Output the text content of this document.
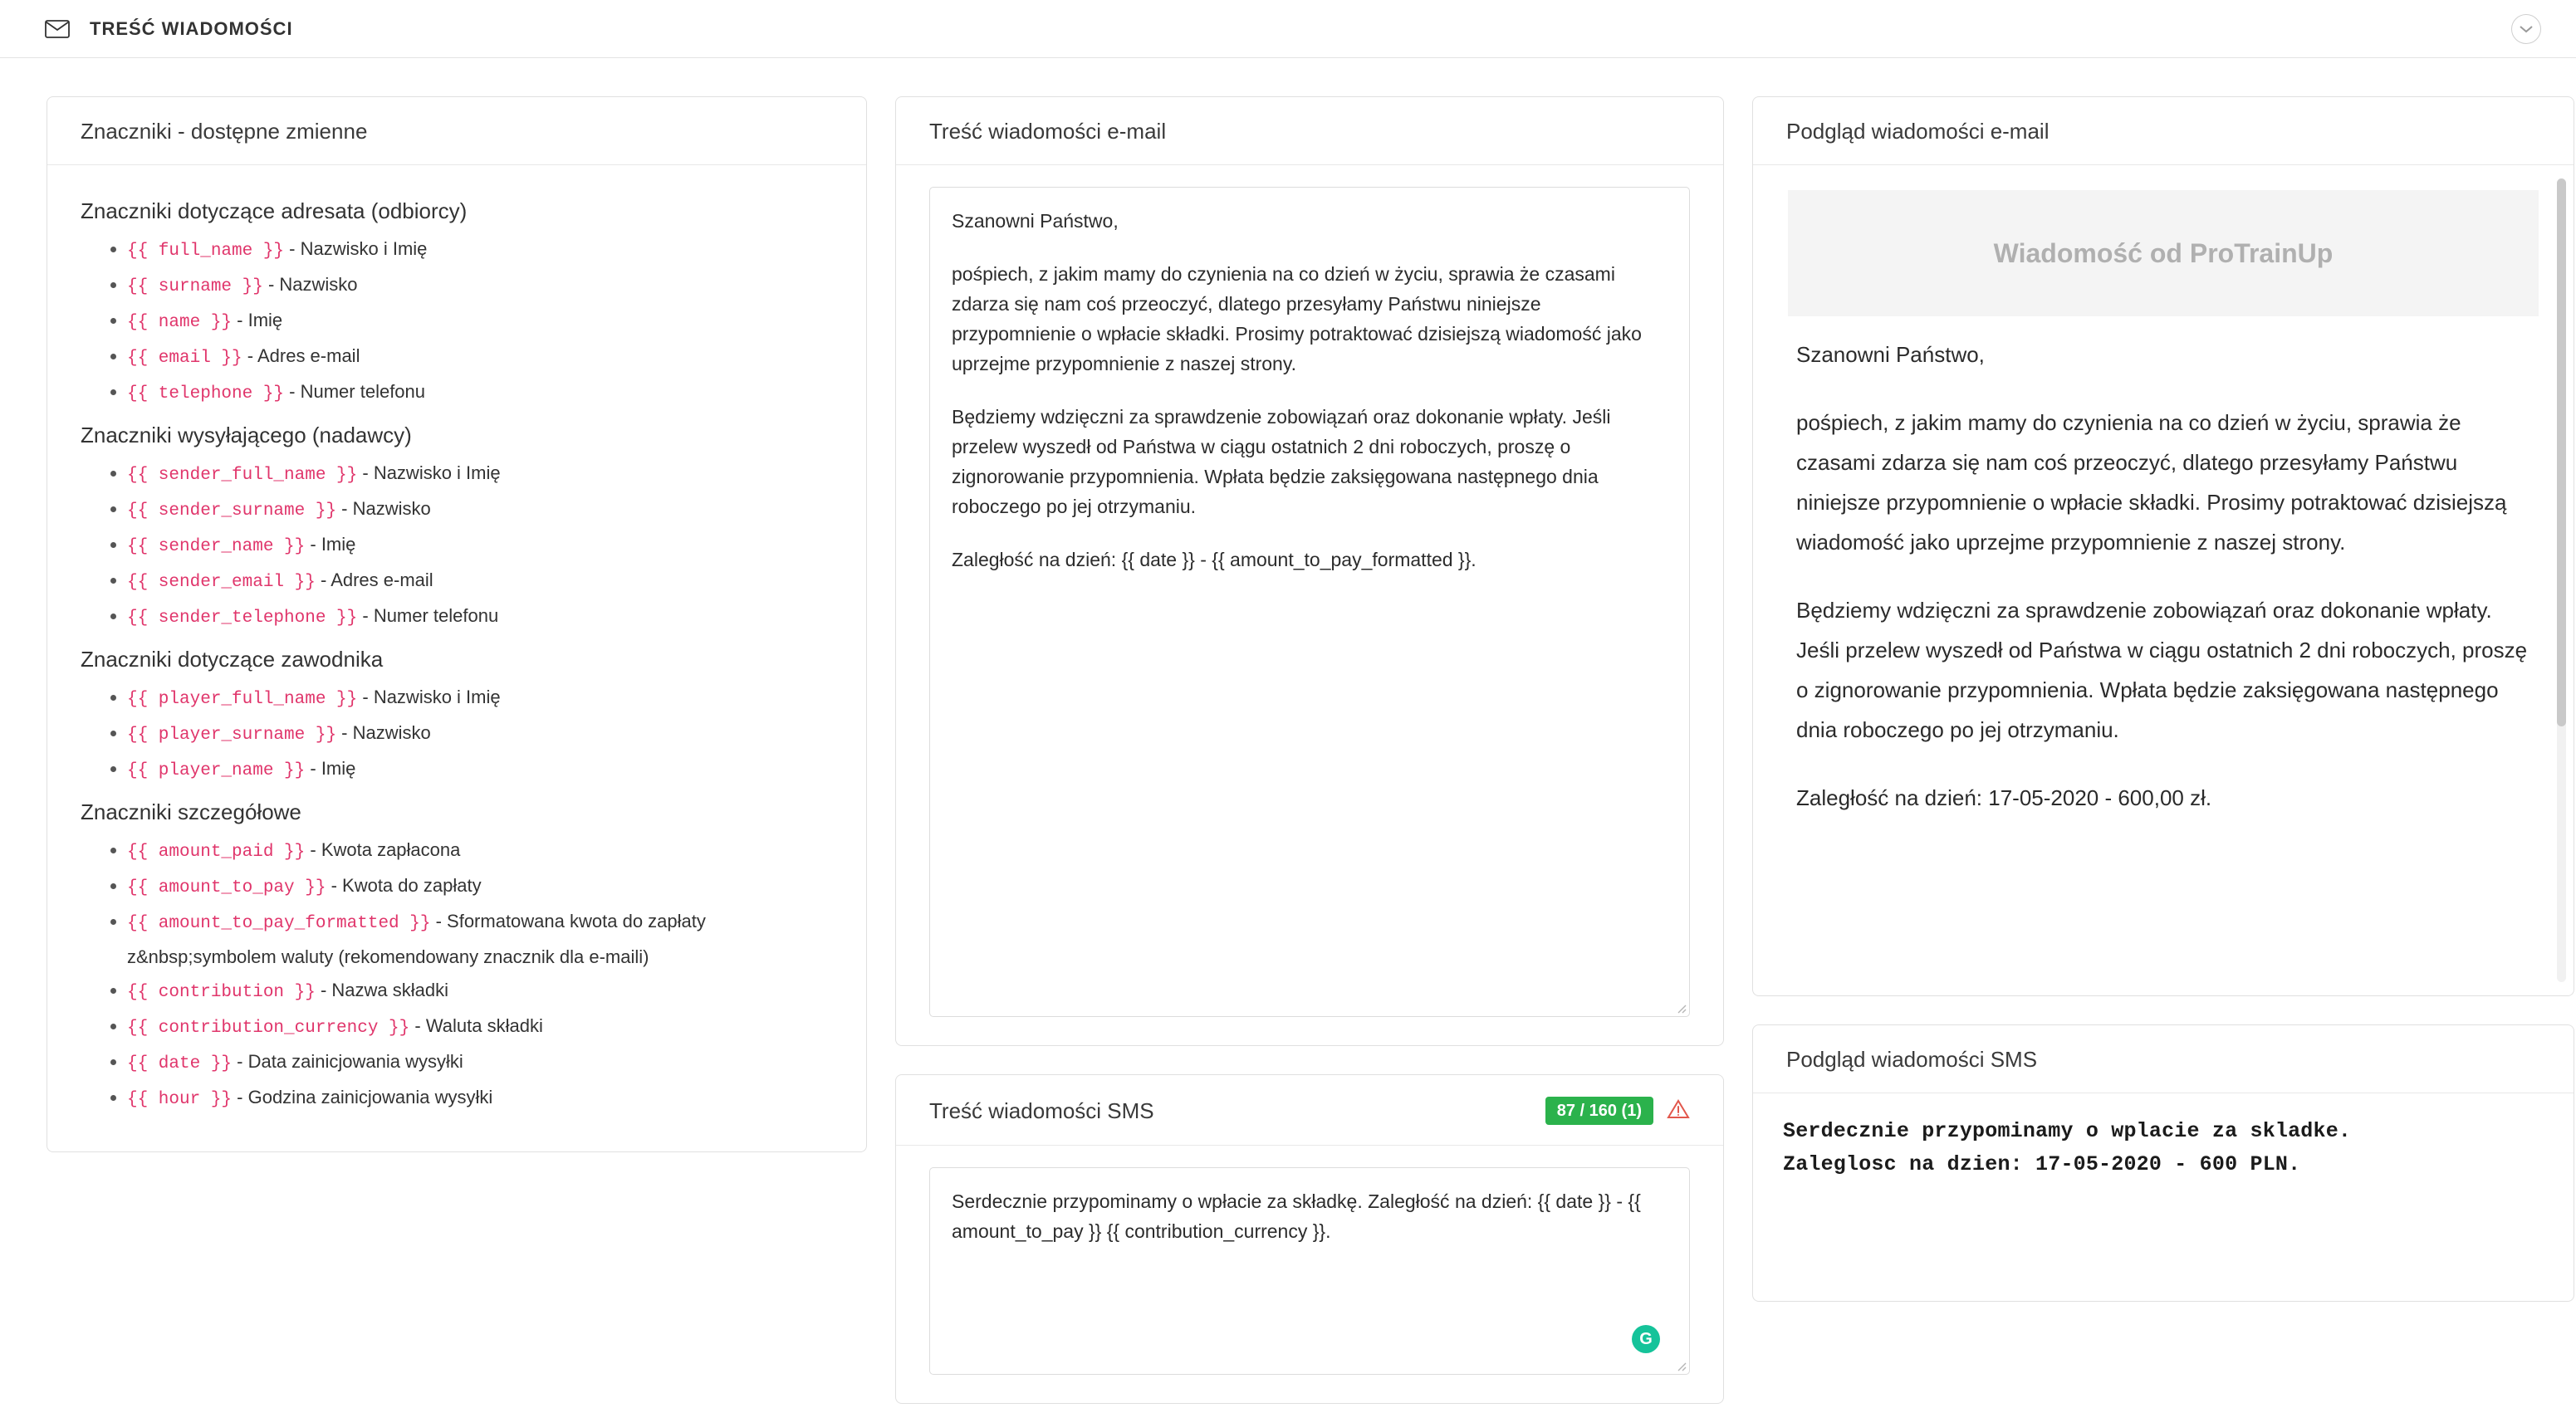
TREŚĆ WIADOMOŚCI
Znaczniki - dostępne zmienne
Znaczniki dotyczące adresata (odbiorcy)
• {{ full_name }} - Nazwisko i Imię
• {{ surname }} - Nazwisko
• {{ name }} - Imię
• {{ email }} - Adres e-mail
• {{ telephone }} - Numer telefonu
Znaczniki wysyłającego (nadawcy)
• {{ sender_full_name }} - Nazwisko i Imię
• {{ sender_surname }} - Nazwisko
• {{ sender_name }} - Imię
• {{ sender_email }} - Adres e-mail
• {{ sender_telephone }} - Numer telefonu
Znaczniki dotyczące zawodnika
• {{ player_full_name }} - Nazwisko i Imię
• {{ player_surname }} - Nazwisko
• {{ player_name }} - Imię
Znaczniki szczegółowe
• {{ amount_paid }} - Kwota zapłacona
• {{ amount_to_pay }} - Kwota do zapłaty
• {{ amount_to_pay_formatted }} - Sformatowana kwota do zapłaty z&nbsp;symbolem waluty (rekomendowany znacznik dla e-maili)
• {{ contribution }} - Nazwa składki
• {{ contribution_currency }} - Waluta składki
• {{ date }} - Data zainicjowania wysyłki
• {{ hour }} - Godzina zainicjowania wysyłki
Treść wiadomości e-mail

Szanowni Państwo,

pośpiech, z jakim mamy do czynienia na co dzień w życiu, sprawia że czasami zdarza się nam coś przeoczyć, dlatego przesyłamy Państwu niniejsze przypomnienie o wpłacie składki. Prosimy potraktować dzisiejszą wiadomość jako uprzejme przypomnienie z naszej strony.

Będziemy wdzięczni za sprawdzenie zobowiązań oraz dokonanie wpłaty. Jeśli przelew wyszedł od Państwa w ciągu ostatnich 2 dni roboczych, proszę o zignorowanie przypomnienia. Wpłata będzie zaksięgowana następnego dnia roboczego po jej otrzymaniu.

Zaległość na dzień: {{ date }} - {{ amount_to_pay_formatted }}.

Treść wiadomości SMS	87 / 160 (1)

Serdecznie przypominamy o wpłacie za składkę. Zaległość na dzień: {{ date }} - {{ amount_to_pay }} {{ contribution_currency }}.

G
Podgląd wiadomości e-mail
Wiadomość od ProTrainUp

Szanowni Państwo,

pośpiech, z jakim mamy do czynienia na co dzień w życiu, sprawia że czasami zdarza się nam coś przeoczyć, dlatego przesyłamy Państwu niniejsze przypomnienie o wpłacie składki. Prosimy potraktować dzisiejszą wiadomość jako uprzejme przypomnienie z naszej strony.

Będziemy wdzięczni za sprawdzenie zobowiązań oraz dokonanie wpłaty. Jeśli przelew wyszedł od Państwa w ciągu ostatnich 2 dni roboczych, proszę o zignorowanie przypomnienia. Wpłata będzie zaksięgowana następnego dnia roboczego po jej otrzymaniu.

Zaległość na dzień: 17-05-2020 - 600,00 zł.

Podgląd wiadomości SMS
Serdecznie przypominamy o wplacie za skladke.
Zaleglosc na dzien: 17-05-2020 - 600 PLN.
